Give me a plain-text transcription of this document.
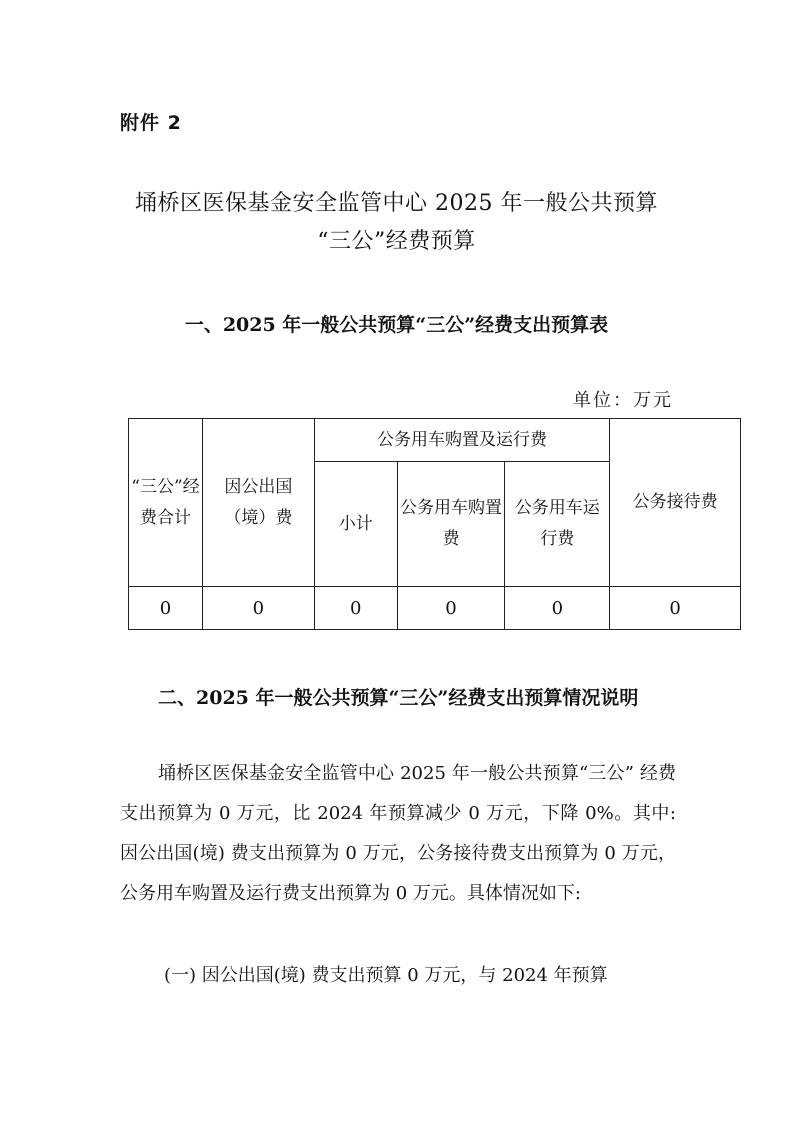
附件 2
埇桥区医保基金安全监管中心 2025 年一般公共预算
“三公”经费预算
一、2025 年一般公共预算“三公”经费支出预算表
单位：万元
“三公”经费合计	因公出国（境）费	公务用车购置及运行费			公务接待费
		小计	公务用车购置费	公务用车运行费	
0	0	0	0	0	0
二、2025 年一般公共预算“三公”经费支出预算情况说明
埇桥区医保基金安全监管中心 2025 年一般公共预算“三公” 经费支出预算为 0 万元，比 2024 年预算减少 0 万元，下降 0%。其中: 因公出国(境) 费支出预算为 0 万元，公务接待费支出预算为 0 万元，公务用车购置及运行费支出预算为 0 万元。具体情况如下:
(一) 因公出国(境) 费支出预算 0 万元，与 2024 年预算
